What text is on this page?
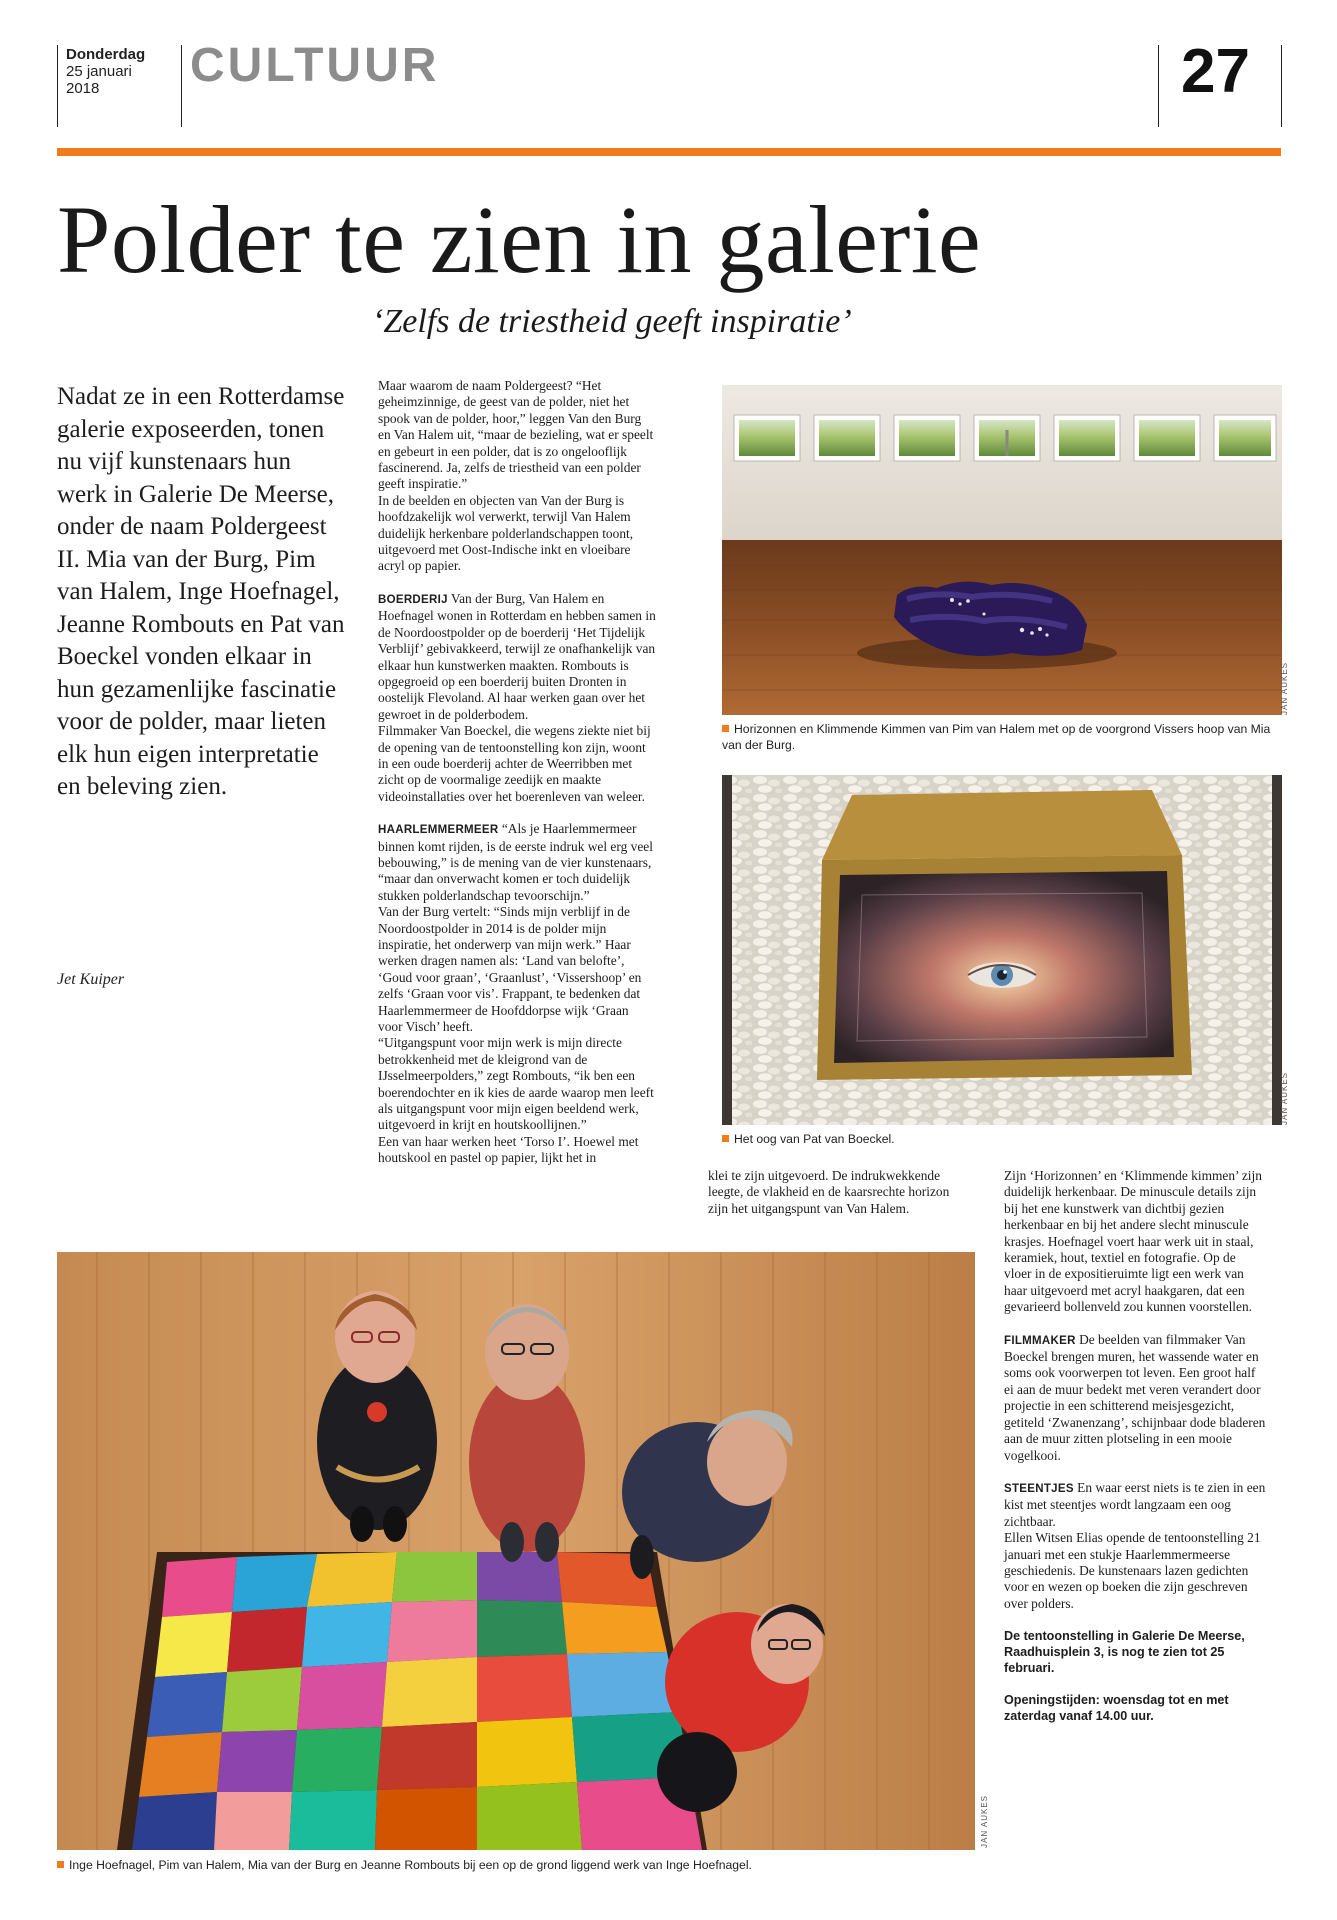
Donderdag
25 januari
2018	CULTUUR	27
Polder te zien in galerie
‘Zelfs de triestheid geeft inspiratie’

Nadat ze in een Rotterdamse galerie exposeerden, tonen nu vijf kunstenaars hun werk in Galerie De Meerse, onder de naam Poldergeest II. Mia van der Burg, Pim van Halem, Inge Hoefnagel, Jeanne Rombouts en Pat van Boeckel vonden elkaar in hun gezamenlijke fascinatie voor de polder, maar lieten elk hun eigen interpretatie en beleving zien.

Jet Kuiper

Maar waarom de naam Poldergeest? “Het geheimzinnige, de geest van de polder, niet het spook van de polder, hoor,” leggen Van den Burg en Van Halem uit, “maar de bezieling, wat er speelt en gebeurt in een polder, dat is zo ongelooflijk fascinerend. Ja, zelfs de triestheid van een polder geeft inspiratie.”

In de beelden en objecten van Van der Burg is hoofdzakelijk wol verwerkt, terwijl Van Halem duidelijk herkenbare polderlandschappen toont, uitgevoerd met Oost-Indische inkt en vloeibare acryl op papier.

BOERDERIJ Van der Burg, Van Halem en Hoefnagel wonen in Rotterdam en hebben samen in de Noordoostpolder op de boerderij ‘Het Tijdelijk Verblijf’ gebivakkeerd, terwijl ze onafhankelijk van elkaar hun kunstwerken maakten. Rombouts is opgegroeid op een boerderij buiten Dronten in oostelijk Flevoland. Al haar werken gaan over het gewroet in de polderbodem.

Filmmaker Van Boeckel, die wegens ziekte niet bij de opening van de tentoonstelling kon zijn, woont in een oude boerderij achter de Weerribben met zicht op de voormalige zeedijk en maakte videoinstallaties over het boerenleven van weleer.

HAARLEMMERMEER “Als je Haarlemmermeer binnen komt rijden, is de eerste indruk wel erg veel bebouwing,” is de mening van de vier kunstenaars, “maar dan onverwacht komen er toch duidelijk stukken polderlandschap tevoorschijn.”

Van der Burg vertelt: “Sinds mijn verblijf in de Noordoostpolder in 2014 is de polder mijn inspiratie, het onderwerp van mijn werk.” Haar werken dragen namen als: ‘Land van belofte’, ‘Goud voor graan’, ‘Graanlust’, ‘Vissershoop’ en zelfs ‘Graan voor vis’. Frappant, te bedenken dat Haarlemmermeer de Hoofddorpse wijk ‘Graan voor Visch’ heeft.

“Uitgangspunt voor mijn werk is mijn directe betrokkenheid met de kleigrond van de IJsselmeerpolders,” zegt Rombouts, “ik ben een boerendochter en ik kies de aarde waarop men leeft als uitgangspunt voor mijn eigen beeldend werk, uitgevoerd in krijt en houtskoollijnen.”

Een van haar werken heet ‘Torso I’. Hoewel met houtskool en pastel op papier, lijkt het in

klei te zijn uitgevoerd. De indrukwekkende leegte, de vlakheid en de kaarsrechte horizon zijn het uitgangspunt van Van Halem.

Zijn ‘Horizonnen’ en ‘Klimmende kimmen’ zijn duidelijk herkenbaar. De minuscule details zijn bij het ene kunstwerk van dichtbij gezien herkenbaar en bij het andere slecht minuscule krasjes. Hoefnagel voert haar werk uit in staal, keramiek, hout, textiel en fotografie. Op de vloer in de expositieruimte ligt een werk van haar uitgevoerd met acryl haakgaren, dat een gevarieerd bollenveld zou kunnen voorstellen.

FILMMAKER De beelden van filmmaker Van Boeckel brengen muren, het wassende water en soms ook voorwerpen tot leven. Een groot half ei aan de muur bedekt met veren verandert door projectie in een schitterend meisjesgezicht, getiteld ‘Zwanenzang’, schijnbaar dode bladeren aan de muur zitten plotseling in een mooie vogelkooi.

STEENTJES En waar eerst niets is te zien in een kist met steentjes wordt langzaam een oog zichtbaar.

Ellen Witsen Elias opende de tentoonstelling 21 januari met een stukje Haarlemmermeerse geschiedenis. De kunstenaars lazen gedichten voor en wezen op boeken die zijn geschreven over polders.

De tentoonstelling in Galerie De Meerse, Raadhuisplein 3, is nog te zien tot 25 februari.

Openingstijden: woensdag tot en met zaterdag vanaf 14.00 uur.

JAN AUKES
Horizonnen en Klimmende Kimmen van Pim van Halem met op de voorgrond Vissers hoop van Mia van der Burg.
JAN AUKES
Het oog van Pat van Boeckel.
JAN AUKES
Inge Hoefnagel, Pim van Halem, Mia van der Burg en Jeanne Rombouts bij een op de grond liggend werk van Inge Hoefnagel.
